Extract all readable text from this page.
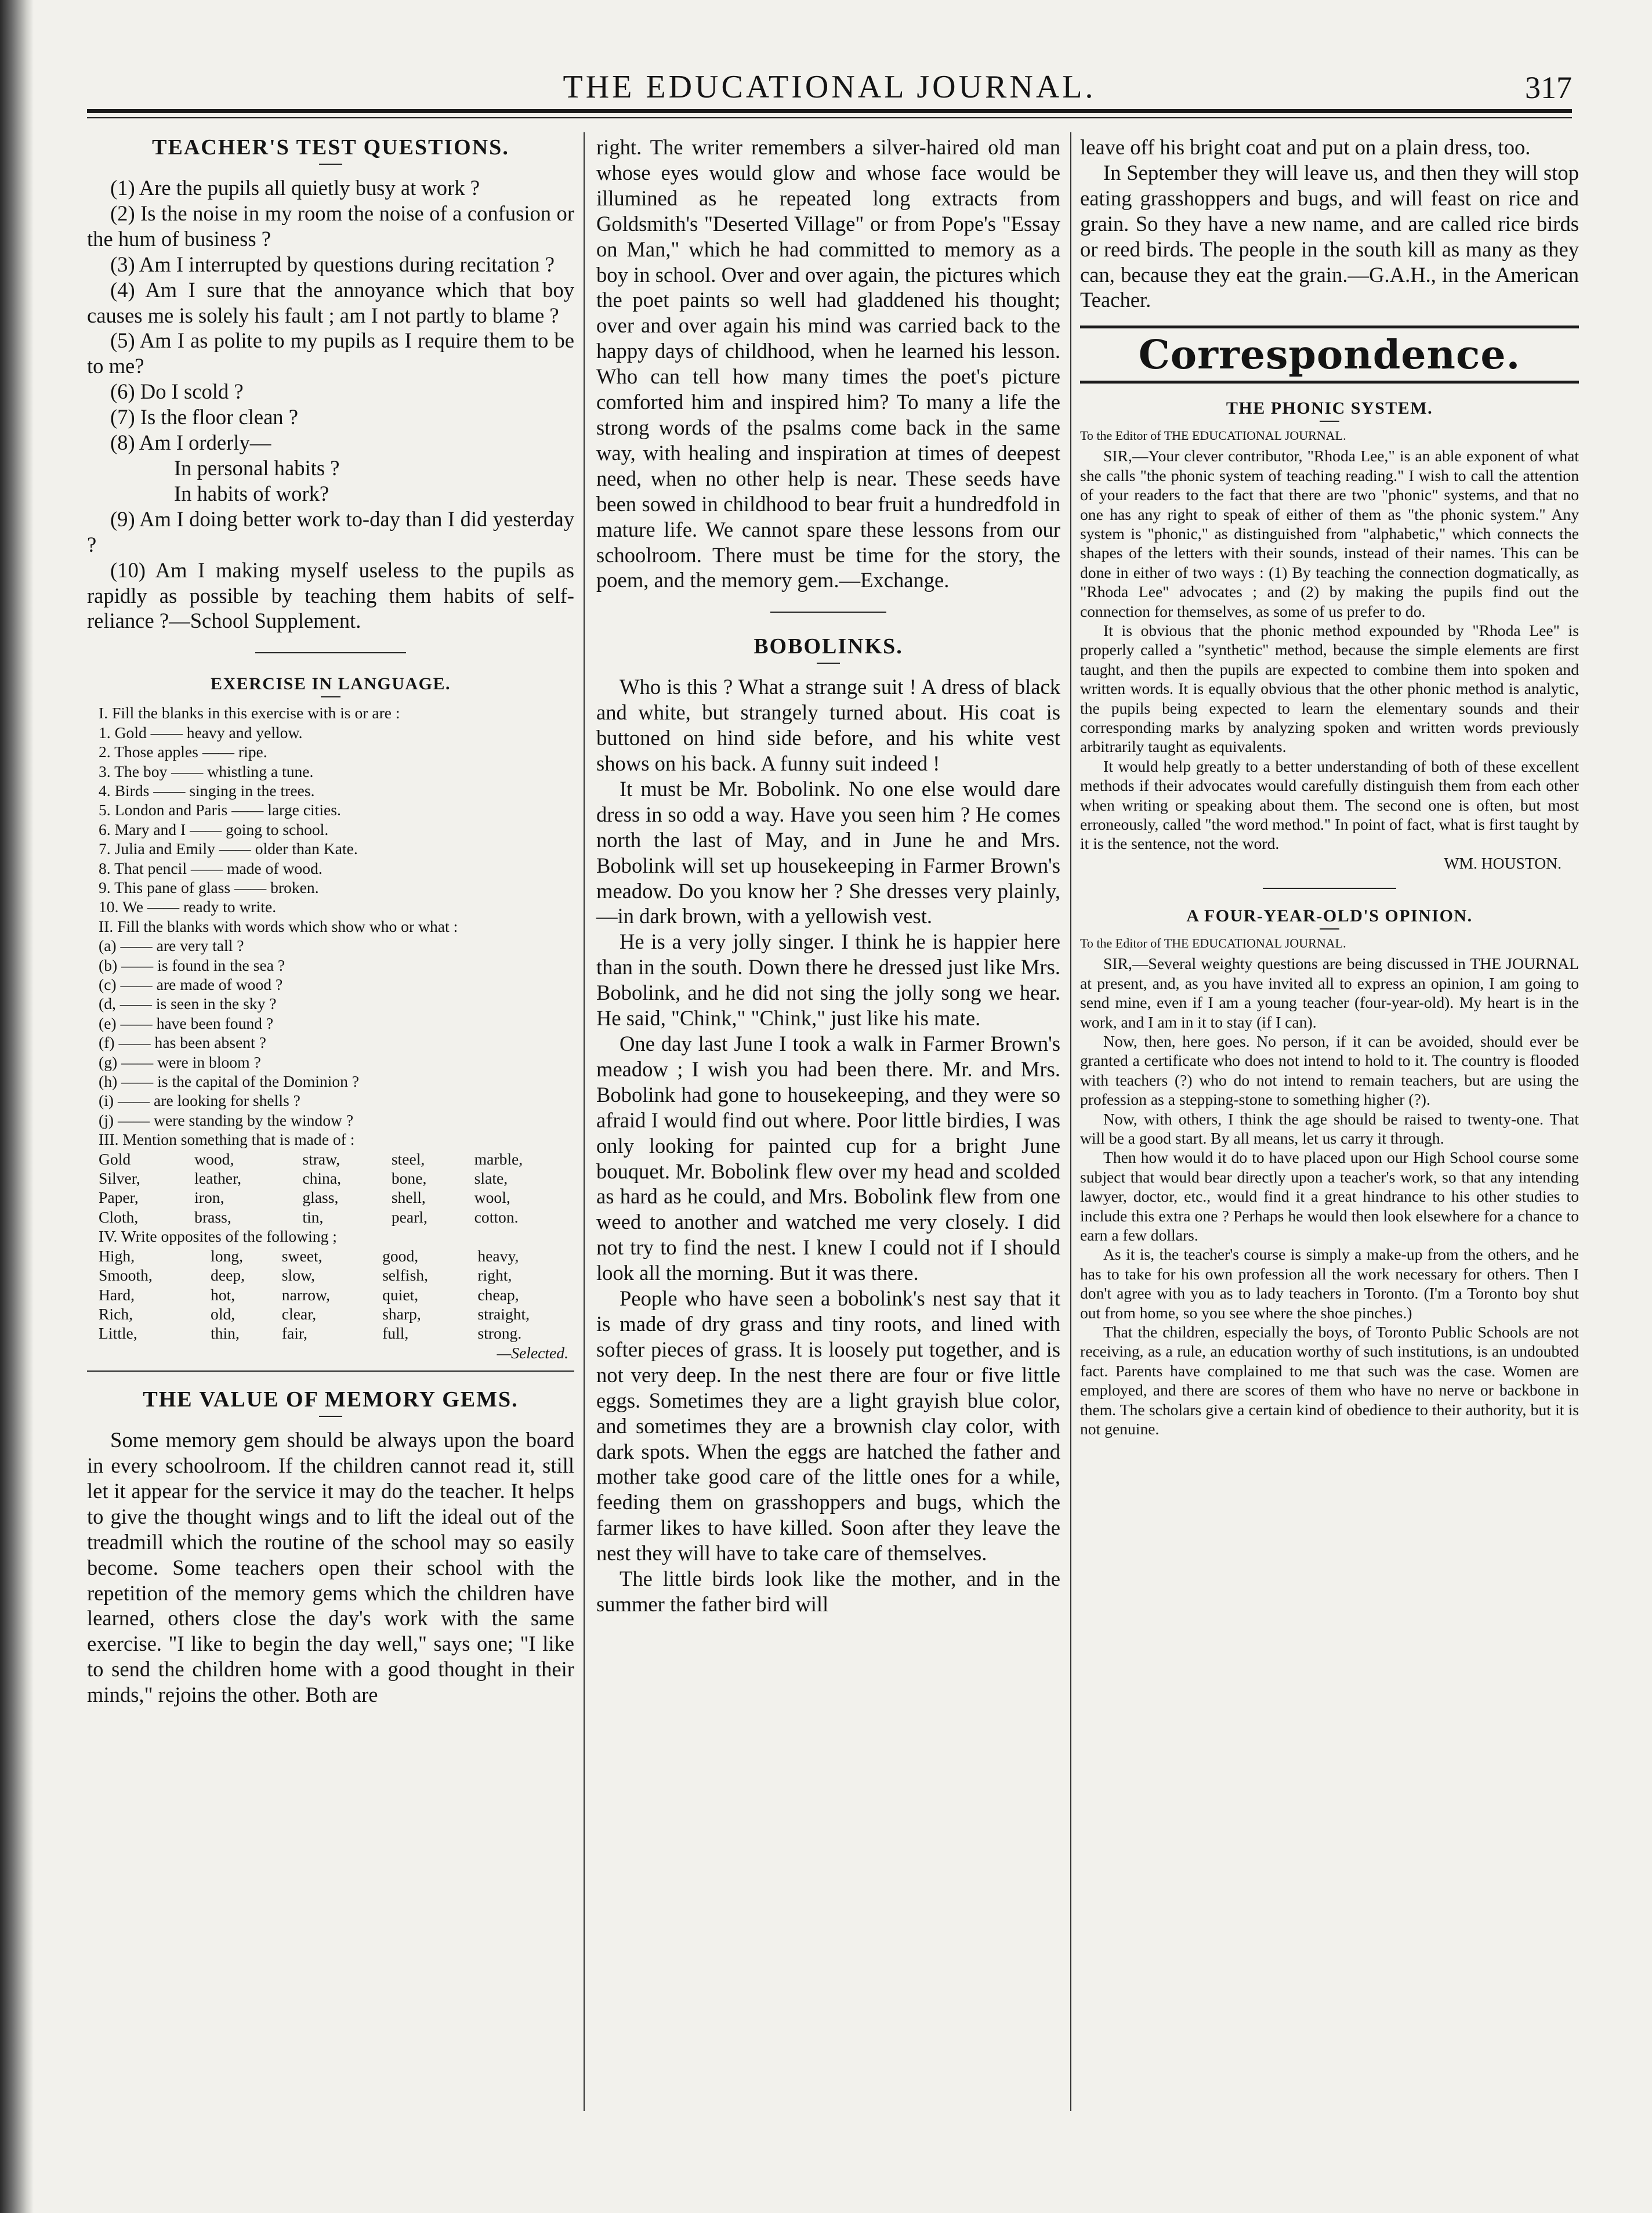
THE EDUCATIONAL JOURNAL.	317
TEACHER'S TEST QUESTIONS.

(1) Are the pupils all quietly busy at work ?

(2) Is the noise in my room the noise of a confusion or the hum of business ?

(3) Am I interrupted by questions during recitation ?

(4) Am I sure that the annoyance which that boy causes me is solely his fault ; am I not partly to blame ?

(5) Am I as polite to my pupils as I require them to be to me?

(6) Do I scold ?

(7) Is the floor clean ?

(8) Am I orderly—

In personal habits ?

In habits of work?

(9) Am I doing better work to-day than I did yesterday ?

(10) Am I making myself useless to the pupils as rapidly as possible by teaching them habits of self-reliance ?—School Supplement.

EXERCISE IN LANGUAGE.

I. Fill the blanks in this exercise with is or are :

1. Gold —— heavy and yellow.

2. Those apples —— ripe.

3. The boy —— whistling a tune.

4. Birds —— singing in the trees.

5. London and Paris —— large cities.

6. Mary and I —— going to school.

7. Julia and Emily —— older than Kate.

8. That pencil —— made of wood.

9. This pane of glass —— broken.

10. We —— ready to write.

II. Fill the blanks with words which show who or what :

(a) —— are very tall ?

(b) —— is found in the sea ?

(c) —— are made of wood ?

(d, —— is seen in the sky ?

(e) —— have been found ?

(f) —— has been absent ?

(g) —— were in bloom ?

(h) —— is the capital of the Dominion ?

(i) —— are looking for shells ?

(j) —— were standing by the window ?

III. Mention something that is made of :

Gold	wood,	straw,	steel,	marble,
Silver,	leather,	china,	bone,	slate,
Paper,	iron,	glass,	shell,	wool,
Cloth,	brass,	tin,	pearl,	cotton.

IV. Write opposites of the following ;

High,	long,	sweet,	good,	heavy,
Smooth,	deep,	slow,	selfish,	right,
Hard,	hot,	narrow,	quiet,	cheap,
Rich,	old,	clear,	sharp,	straight,
Little,	thin,	fair,	full,	strong.

—Selected.

THE VALUE OF MEMORY GEMS.

Some memory gem should be always upon the board in every schoolroom. If the children cannot read it, still let it appear for the service it may do the teacher. It helps to give the thought wings and to lift the ideal out of the treadmill which the routine of the school may so easily become. Some teachers open their school with the repetition of the memory gems which the children have learned, others close the day's work with the same exercise. "I like to begin the day well," says one; "I like to send the children home with a good thought in their minds," rejoins the other. Both are

right. The writer remembers a silver-haired old man whose eyes would glow and whose face would be illumined as he repeated long extracts from Goldsmith's "Deserted Village" or from Pope's "Essay on Man," which he had committed to memory as a boy in school. Over and over again, the pictures which the poet paints so well had gladdened his thought; over and over again his mind was carried back to the happy days of childhood, when he learned his lesson. Who can tell how many times the poet's picture comforted him and inspired him? To many a life the strong words of the psalms come back in the same way, with healing and inspiration at times of deepest need, when no other help is near. These seeds have been sowed in childhood to bear fruit a hundredfold in mature life. We cannot spare these lessons from our schoolroom. There must be time for the story, the poem, and the memory gem.—Exchange.

BOBOLINKS.

Who is this ? What a strange suit ! A dress of black and white, but strangely turned about. His coat is buttoned on hind side before, and his white vest shows on his back. A funny suit indeed !

It must be Mr. Bobolink. No one else would dare dress in so odd a way. Have you seen him ? He comes north the last of May, and in June he and Mrs. Bobolink will set up housekeeping in Farmer Brown's meadow. Do you know her ? She dresses very plainly,—in dark brown, with a yellowish vest.

He is a very jolly singer. I think he is happier here than in the south. Down there he dressed just like Mrs. Bobolink, and he did not sing the jolly song we hear. He said, "Chink," "Chink," just like his mate.

One day last June I took a walk in Farmer Brown's meadow ; I wish you had been there. Mr. and Mrs. Bobolink had gone to housekeeping, and they were so afraid I would find out where. Poor little birdies, I was only looking for painted cup for a bright June bouquet. Mr. Bobolink flew over my head and scolded as hard as he could, and Mrs. Bobolink flew from one weed to another and watched me very closely. I did not try to find the nest. I knew I could not if I should look all the morning. But it was there.

People who have seen a bobolink's nest say that it is made of dry grass and tiny roots, and lined with softer pieces of grass. It is loosely put together, and is not very deep. In the nest there are four or five little eggs. Sometimes they are a light grayish blue color, and sometimes they are a brownish clay color, with dark spots. When the eggs are hatched the father and mother take good care of the little ones for a while, feeding them on grasshoppers and bugs, which the farmer likes to have killed. Soon after they leave the nest they will have to take care of themselves.

The little birds look like the mother, and in the summer the father bird will

leave off his bright coat and put on a plain dress, too.

In September they will leave us, and then they will stop eating grasshoppers and bugs, and will feast on rice and grain. So they have a new name, and are called rice birds or reed birds. The people in the south kill as many as they can, because they eat the grain.—G.A.H., in the American Teacher.

Correspondence.
THE PHONIC SYSTEM.

To the Editor of THE EDUCATIONAL JOURNAL.

SIR,—Your clever contributor, "Rhoda Lee," is an able exponent of what she calls "the phonic system of teaching reading." I wish to call the attention of your readers to the fact that there are two "phonic" systems, and that no one has any right to speak of either of them as "the phonic system." Any system is "phonic," as distinguished from "alphabetic," which connects the shapes of the letters with their sounds, instead of their names. This can be done in either of two ways : (1) By teaching the connection dogmatically, as "Rhoda Lee" advocates ; and (2) by making the pupils find out the connection for themselves, as some of us prefer to do.

It is obvious that the phonic method expounded by "Rhoda Lee" is properly called a "synthetic" method, because the simple elements are first taught, and then the pupils are expected to combine them into spoken and written words. It is equally obvious that the other phonic method is analytic, the pupils being expected to learn the elementary sounds and their corresponding marks by analyzing spoken and written words previously arbitrarily taught as equivalents.

It would help greatly to a better understanding of both of these excellent methods if their advocates would carefully distinguish them from each other when writing or speaking about them. The second one is often, but most erroneously, called "the word method." In point of fact, what is first taught by it is the sentence, not the word.

WM. HOUSTON.

A FOUR-YEAR-OLD'S OPINION.

To the Editor of THE EDUCATIONAL JOURNAL.

SIR,—Several weighty questions are being discussed in THE JOURNAL at present, and, as you have invited all to express an opinion, I am going to send mine, even if I am a young teacher (four-year-old). My heart is in the work, and I am in it to stay (if I can).

Now, then, here goes. No person, if it can be avoided, should ever be granted a certificate who does not intend to hold to it. The country is flooded with teachers (?) who do not intend to remain teachers, but are using the profession as a stepping-stone to something higher (?).

Now, with others, I think the age should be raised to twenty-one. That will be a good start. By all means, let us carry it through.

Then how would it do to have placed upon our High School course some subject that would bear directly upon a teacher's work, so that any intending lawyer, doctor, etc., would find it a great hindrance to his other studies to include this extra one ? Perhaps he would then look elsewhere for a chance to earn a few dollars.

As it is, the teacher's course is simply a make-up from the others, and he has to take for his own profession all the work necessary for others. Then I don't agree with you as to lady teachers in Toronto. (I'm a Toronto boy shut out from home, so you see where the shoe pinches.)

That the children, especially the boys, of Toronto Public Schools are not receiving, as a rule, an education worthy of such institutions, is an undoubted fact. Parents have complained to me that such was the case. Women are employed, and there are scores of them who have no nerve or backbone in them. The scholars give a certain kind of obedience to their authority, but it is not genuine.
